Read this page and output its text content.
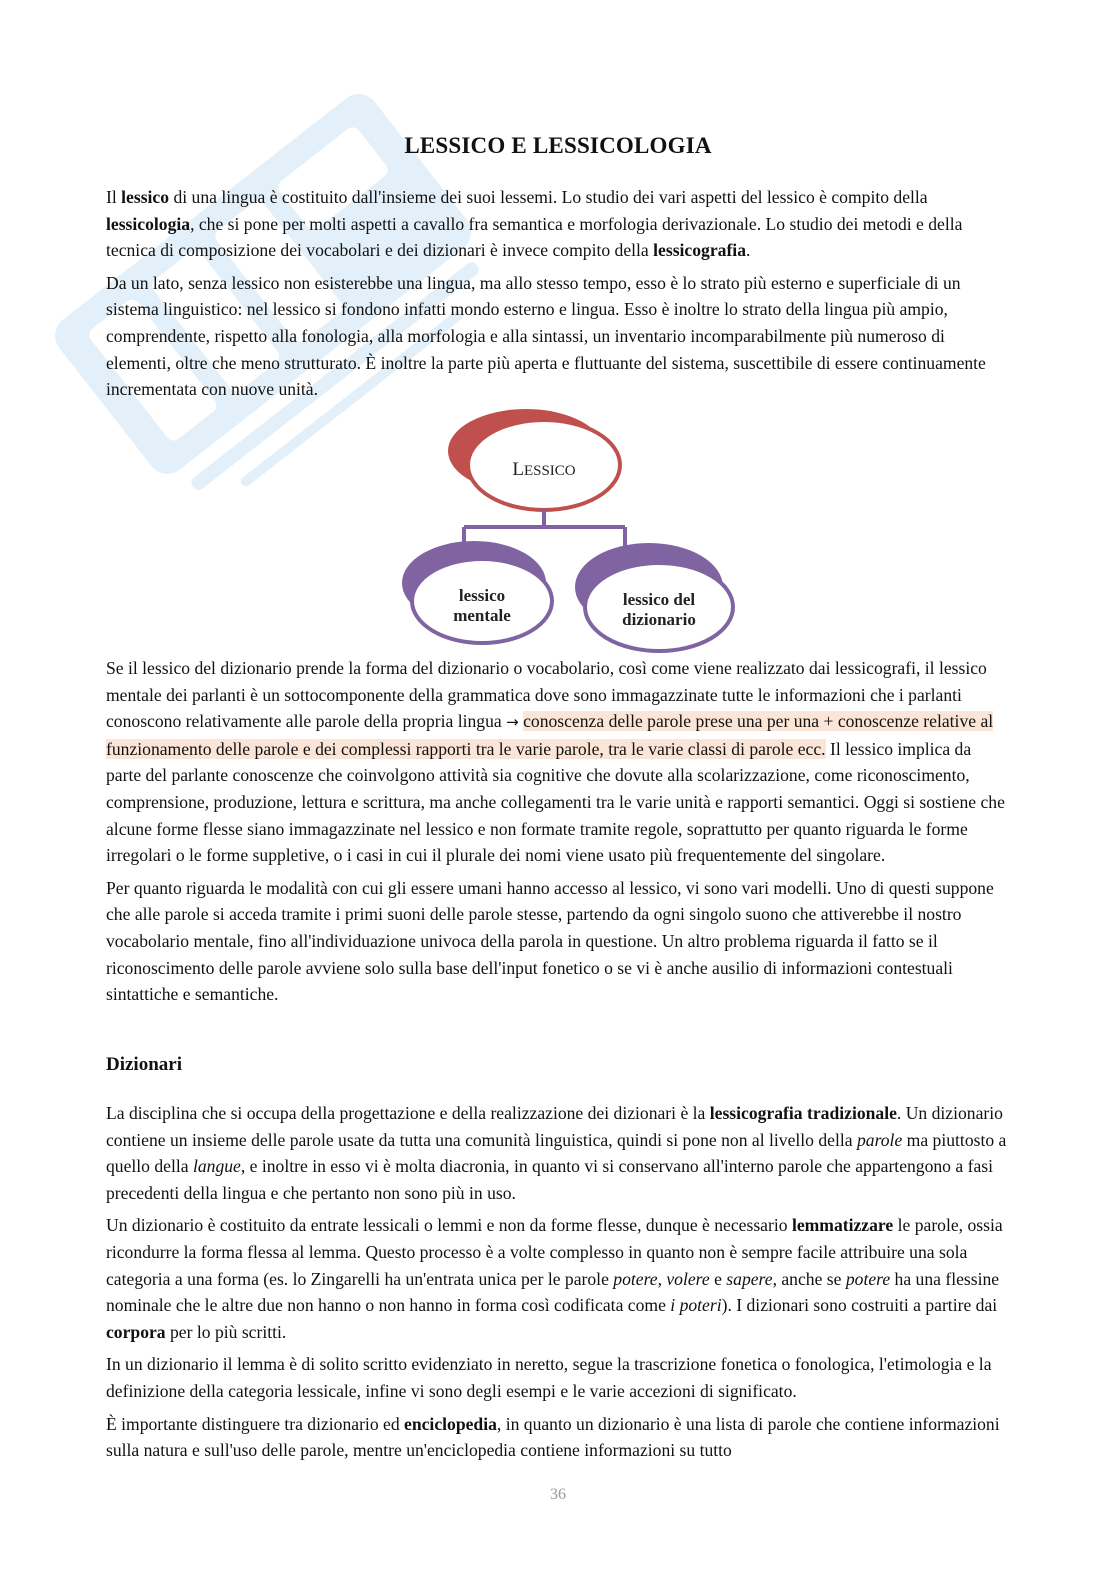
LESSICO E LESSICOLOGIA

Il lessico di una lingua è costituito dall'insieme dei suoi lessemi. Lo studio dei vari aspetti del lessico è compito della lessicologia, che si pone per molti aspetti a cavallo fra semantica e morfologia derivazionale. Lo studio dei metodi e della tecnica di composizione dei vocabolari e dei dizionari è invece compito della lessicografia.

Da un lato, senza lessico non esisterebbe una lingua, ma allo stesso tempo, esso è lo strato più esterno e superficiale di un sistema linguistico: nel lessico si fondono infatti mondo esterno e lingua. Esso è inoltre lo strato della lingua più ampio, comprendente, rispetto alla fonologia, alla morfologia e alla sintassi, un inventario incomparabilmente più numeroso di elementi, oltre che meno strutturato. È inoltre la parte più aperta e fluttuante del sistema, suscettibile di essere continuamente incrementata con nuove unità.

LESSICO
lessico
mentale
lessico del
dizionario

Se il lessico del dizionario prende la forma del dizionario o vocabolario, così come viene realizzato dai lessicografi, il lessico mentale dei parlanti è un sottocomponente della grammatica dove sono immagazzinate tutte le informazioni che i parlanti conoscono relativamente alle parole della propria lingua → conoscenza delle parole prese una per una + conoscenze relative al funzionamento delle parole e dei complessi rapporti tra le varie parole, tra le varie classi di parole ecc. Il lessico implica da parte del parlante conoscenze che coinvolgono attività sia cognitive che dovute alla scolarizzazione, come riconoscimento, comprensione, produzione, lettura e scrittura, ma anche collegamenti tra le varie unità e rapporti semantici. Oggi si sostiene che alcune forme flesse siano immagazzinate nel lessico e non formate tramite regole, soprattutto per quanto riguarda le forme irregolari o le forme suppletive, o i casi in cui il plurale dei nomi viene usato più frequentemente del singolare.

Per quanto riguarda le modalità con cui gli essere umani hanno accesso al lessico, vi sono vari modelli. Uno di questi suppone che alle parole si acceda tramite i primi suoni delle parole stesse, partendo da ogni singolo suono che attiverebbe il nostro vocabolario mentale, fino all'individuazione univoca della parola in questione. Un altro problema riguarda il fatto se il riconoscimento delle parole avviene solo sulla base dell'input fonetico o se vi è anche ausilio di informazioni contestuali sintattiche e semantiche.

Dizionari

La disciplina che si occupa della progettazione e della realizzazione dei dizionari è la lessicografia tradizionale. Un dizionario contiene un insieme delle parole usate da tutta una comunità linguistica, quindi si pone non al livello della parole ma piuttosto a quello della langue, e inoltre in esso vi è molta diacronia, in quanto vi si conservano all'interno parole che appartengono a fasi precedenti della lingua e che pertanto non sono più in uso.

Un dizionario è costituito da entrate lessicali o lemmi e non da forme flesse, dunque è necessario lemmatizzare le parole, ossia ricondurre la forma flessa al lemma. Questo processo è a volte complesso in quanto non è sempre facile attribuire una sola categoria a una forma (es. lo Zingarelli ha un'entrata unica per le parole potere, volere e sapere, anche se potere ha una flessine nominale che le altre due non hanno o non hanno in forma così codificata come i poteri). I dizionari sono costruiti a partire dai corpora per lo più scritti.

In un dizionario il lemma è di solito scritto evidenziato in neretto, segue la trascrizione fonetica o fonologica, l'etimologia e la definizione della categoria lessicale, infine vi sono degli esempi e le varie accezioni di significato.

È importante distinguere tra dizionario ed enciclopedia, in quanto un dizionario è una lista di parole che contiene informazioni sulla natura e sull'uso delle parole, mentre un'enciclopedia contiene informazioni su tutto

36
